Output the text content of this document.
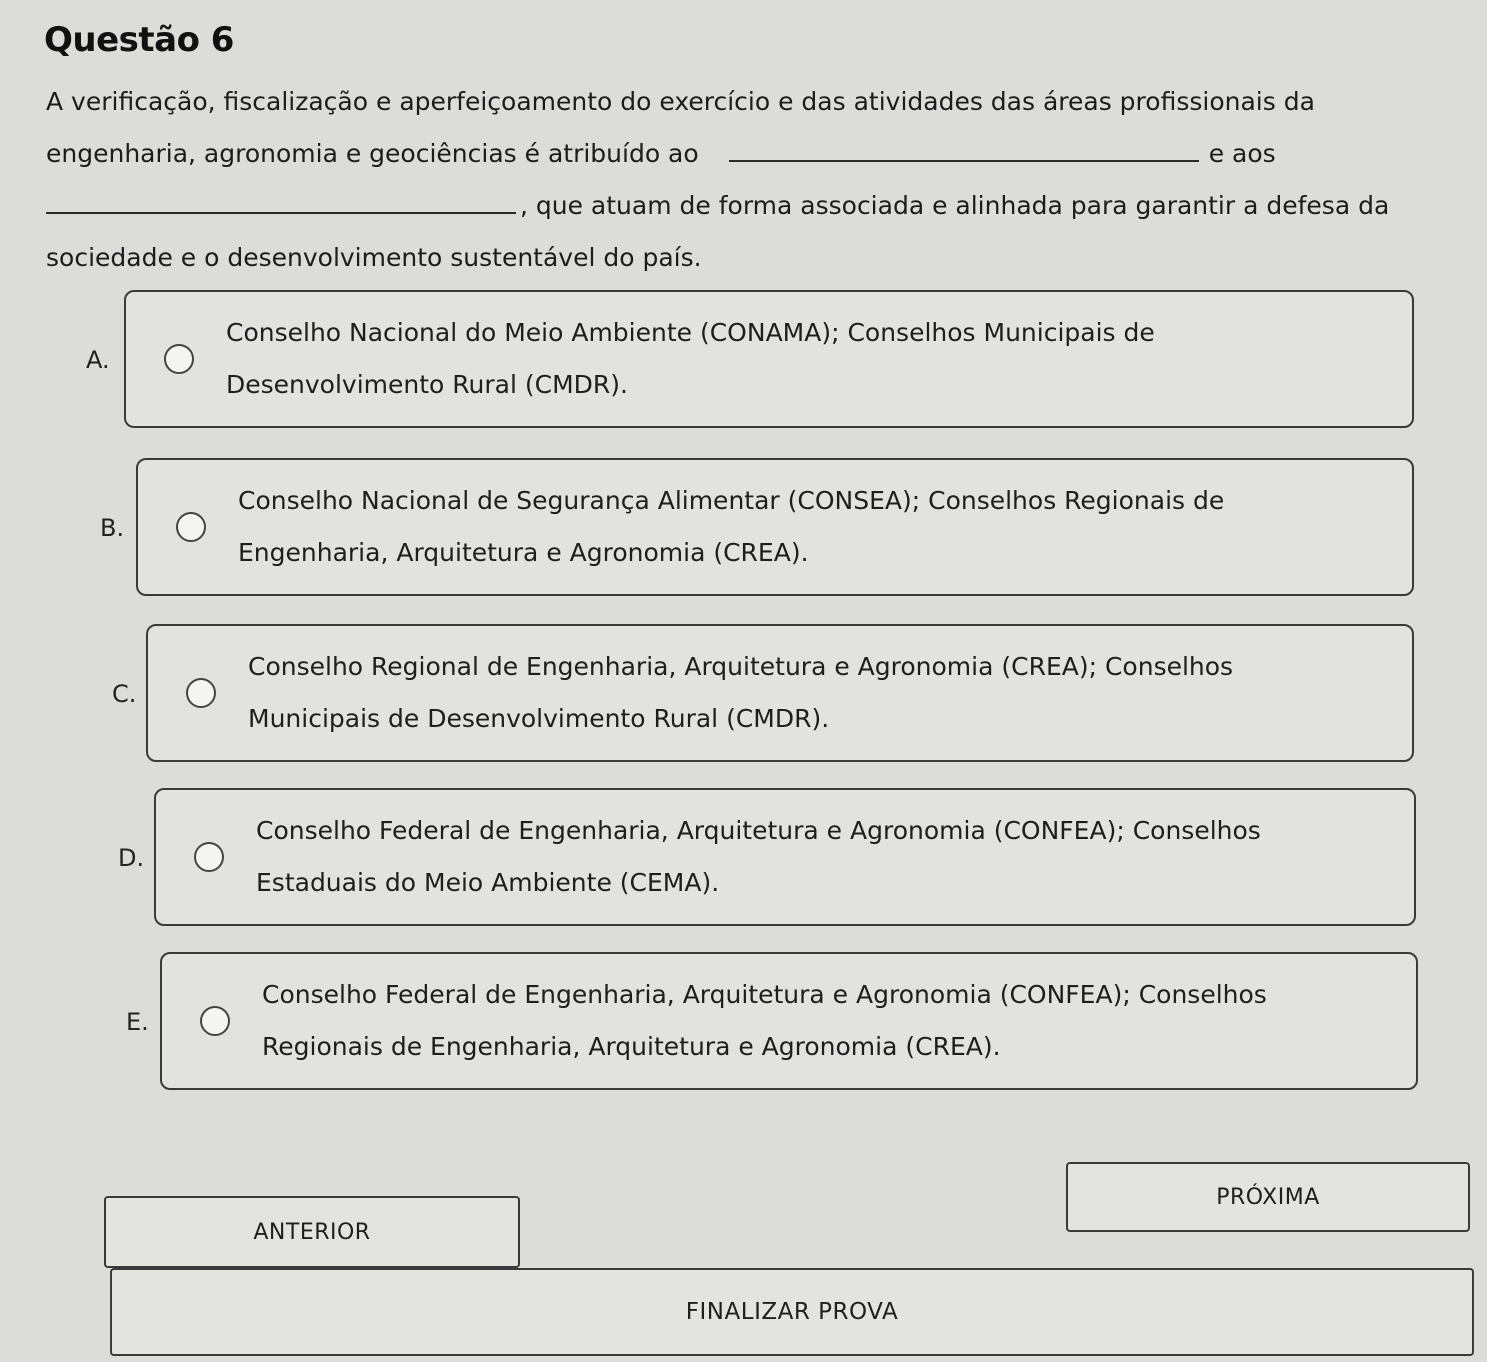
Questão 6
A verificação, fiscalização e aperfeiçoamento do exercício e das atividades das áreas profissionais da engenharia, agronomia e geociências é atribuído ao	e aos , que atuam de forma associada e alinhada para garantir a defesa da sociedade e o desenvolvimento sustentável do país.
A.
Conselho Nacional do Meio Ambiente (CONAMA); Conselhos Municipais de Desenvolvimento Rural (CMDR).
B.
Conselho Nacional de Segurança Alimentar (CONSEA); Conselhos Regionais de Engenharia, Arquitetura e Agronomia (CREA).
C.
Conselho Regional de Engenharia, Arquitetura e Agronomia (CREA); Conselhos Municipais de Desenvolvimento Rural (CMDR).
D.
Conselho Federal de Engenharia, Arquitetura e Agronomia (CONFEA); Conselhos Estaduais do Meio Ambiente (CEMA).
E.
Conselho Federal de Engenharia, Arquitetura e Agronomia (CONFEA); Conselhos Regionais de Engenharia, Arquitetura e Agronomia (CREA).
ANTERIOR
PRÓXIMA
FINALIZAR PROVA
